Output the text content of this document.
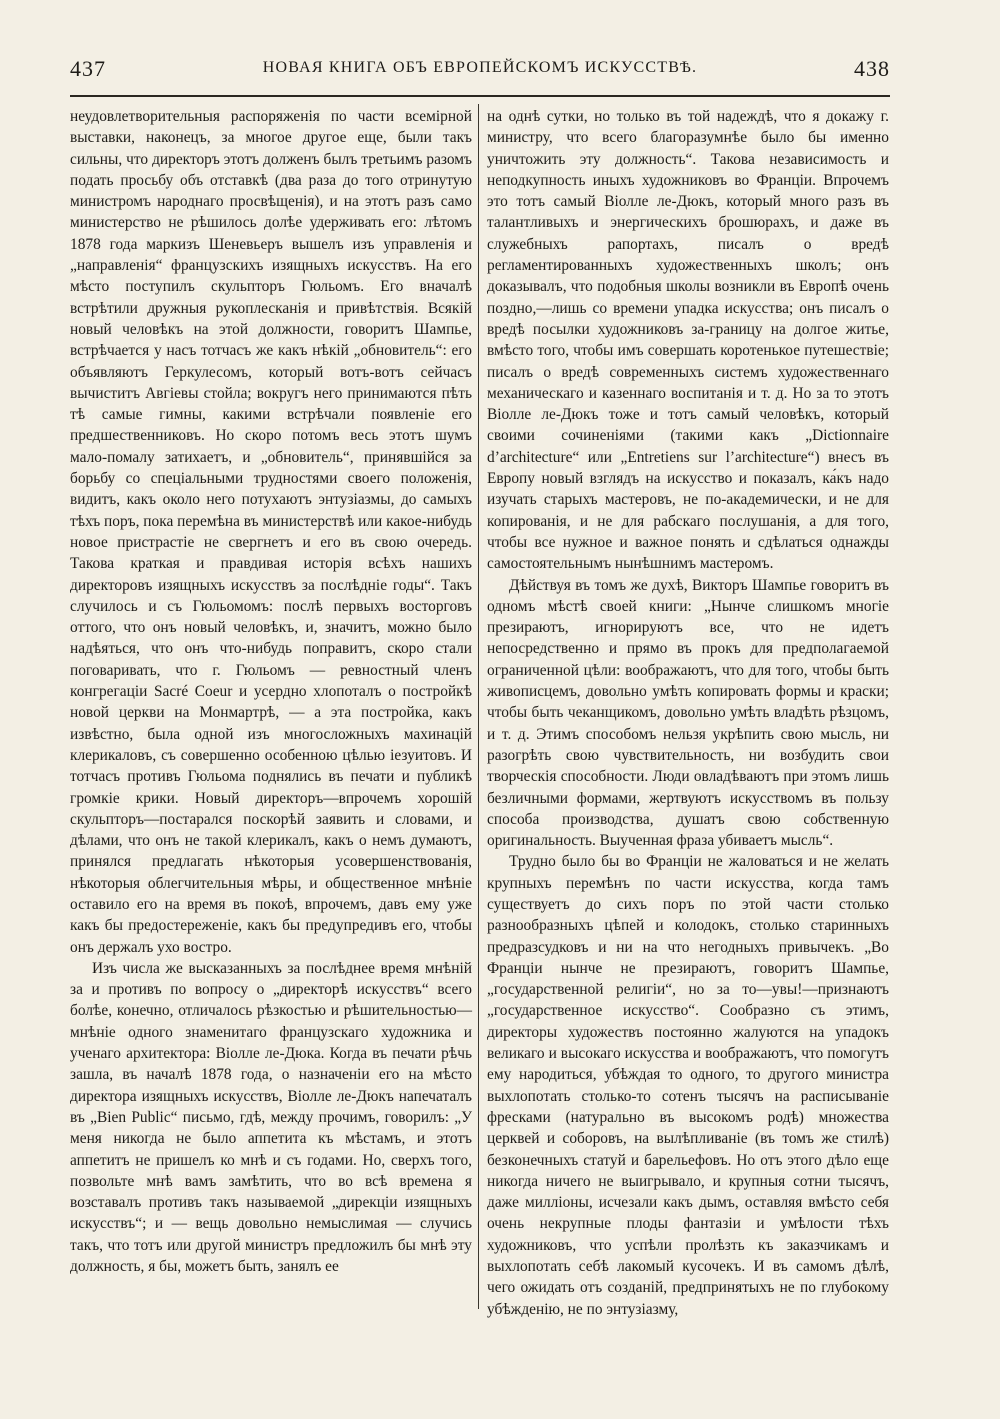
437	НОВАЯ КНИГА ОБЪ ЕВРОПЕЙСКОМЪ ИСКУССТВѢ.	438

неудовлетворительныя распоряженія по части всемірной выставки, наконецъ, за многое другое еще, были такъ сильны, что директоръ этотъ долженъ былъ третьимъ разомъ подать просьбу объ отставкѣ (два раза до того отринутую министромъ народнаго просвѣщенія), и на этотъ разъ само министерство не рѣшилось долѣе удерживать его: лѣтомъ 1878 года маркизъ Шеневьеръ вышелъ изъ управленія и „направленія“ французскихъ изящныхъ искусствъ. На его мѣсто поступилъ скульпторъ Гюльомъ. Его вначалѣ встрѣтили дружныя рукоплесканія и привѣтствія. Всякій новый человѣкъ на этой должности, говоритъ Шампье, встрѣчается у насъ тотчасъ же какъ нѣкій „обновитель“: его объявляютъ Геркулесомъ, который вотъ-вотъ сейчасъ вычиститъ Авгіевы стойла; вокругъ него принимаются пѣть тѣ самые гимны, какими встрѣчали появленіе его предшественниковъ. Но скоро потомъ весь этотъ шумъ мало-помалу затихаетъ, и „обновитель“, принявшійся за борьбу со спеціальными трудностями своего положенія, видитъ, какъ около него потухаютъ энтузіазмы, до самыхъ тѣхъ поръ, пока перемѣна въ министерствѣ или какое-нибудь новое пристрастіе не свергнетъ и его въ свою очередь. Такова краткая и правдивая исторія всѣхъ нашихъ директоровъ изящныхъ искусствъ за послѣдніе годы“. Такъ случилось и съ Гюльомомъ: послѣ первыхъ восторговъ оттого, что онъ новый человѣкъ, и, значитъ, можно было надѣяться, что онъ что-нибудь поправитъ, скоро стали поговаривать, что г. Гюльомъ — ревностный членъ конгрегаціи Sacré Coeur и усердно хлопоталъ о постройкѣ новой церкви на Монмартрѣ, — а эта постройка, какъ извѣстно, была одной изъ многосложныхъ махинацій клерикаловъ, съ совершенно особенною цѣлью іезуитовъ. И тотчасъ противъ Гюльома поднялись въ печати и публикѣ громкіе крики. Новый директоръ—впрочемъ хорошій скульпторъ—постарался поскорѣй заявить и словами, и дѣлами, что онъ не такой клерикалъ, какъ о немъ думаютъ, принялся предлагать нѣкоторыя усовершенствованія, нѣкоторыя облегчительныя мѣры, и общественное мнѣніе оставило его на время въ покоѣ, впрочемъ, давъ ему уже какъ бы предостереженіе, какъ бы предупредивъ его, чтобы онъ держалъ ухо востро.

Изъ числа же высказанныхъ за послѣднее время мнѣній за и противъ по вопросу о „директорѣ искусствъ“ всего болѣе, конечно, отличалось рѣзкостью и рѣшительностью—мнѣніе одного знаменитаго французскаго художника и ученаго архитектора: Віолле ле-Дюка. Когда въ печати рѣчь зашла, въ началѣ 1878 года, о назначеніи его на мѣсто директора изящныхъ искусствъ, Віолле ле-Дюкъ напечаталъ въ „Bien Public“ письмо, гдѣ, между прочимъ, говорилъ: „У меня никогда не было аппетита къ мѣстамъ, и этотъ аппетитъ не пришелъ ко мнѣ и съ годами. Но, сверхъ того, позвольте мнѣ вамъ замѣтить, что во всѣ времена я возставалъ противъ такъ называемой „дирекціи изящныхъ искусствъ“; и — вещь довольно немыслимая — случись такъ, что тотъ или другой министръ предложилъ бы мнѣ эту должность, я бы, можетъ быть, занялъ ее

на однѣ сутки, но только въ той надеждѣ, что я докажу г. министру, что всего благоразумнѣе было бы именно уничтожить эту должность“. Такова независимость и неподкупность иныхъ художниковъ во Франціи. Впрочемъ это тотъ самый Віолле ле-Дюкъ, который много разъ въ талантливыхъ и энергическихъ брошюрахъ, и даже въ служебныхъ рапортахъ, писалъ о вредѣ регламентированныхъ художественныхъ школъ; онъ доказывалъ, что подобныя школы возникли въ Европѣ очень поздно,—лишь со времени упадка искусства; онъ писалъ о вредѣ посылки художниковъ за-границу на долгое житье, вмѣсто того, чтобы имъ совершать коротенькое путешествіе; писалъ о вредѣ современныхъ системъ художественнаго механическаго и казеннаго воспитанія и т. д. Но за то этотъ Віолле ле-Дюкъ тоже и тотъ самый человѣкъ, который своими сочиненіями (такими какъ „Dictionnaire d’architecture“ или „Entretiens sur l’architecture“) внесъ въ Европу новый взглядъ на искусство и показалъ, ка́къ надо изучать старыхъ мастеровъ, не по-академически, и не для копированія, и не для рабскаго послушанія, а для того, чтобы все нужное и важное понять и сдѣлаться однажды самостоятельнымъ нынѣшнимъ мастеромъ.

Дѣйствуя въ томъ же духѣ, Викторъ Шампье говоритъ въ одномъ мѣстѣ своей книги: „Нынче слишкомъ многіе презираютъ, игнорируютъ все, что не идетъ непосредственно и прямо въ прокъ для предполагаемой ограниченной цѣли: воображаютъ, что для того, чтобы быть живописцемъ, довольно умѣть копировать формы и краски; чтобы быть чеканщикомъ, довольно умѣть владѣть рѣзцомъ, и т. д. Этимъ способомъ нельзя укрѣпить свою мысль, ни разогрѣть свою чувствительность, ни возбудить свои творческія способности. Люди овладѣваютъ при этомъ лишь безличными формами, жертвуютъ искусствомъ въ пользу способа производства, душатъ свою собственную оригинальность. Выученная фраза убиваетъ мысль“.

Трудно было бы во Франціи не жаловаться и не желать крупныхъ перемѣнъ по части искусства, когда тамъ существуетъ до сихъ поръ по этой части столько разнообразныхъ цѣпей и колодокъ, столько старинныхъ предразсудковъ и ни на что негодныхъ привычекъ. „Во Франціи нынче не презираютъ, говоритъ Шампье, „государственной религіи“, но за то—увы!—признаютъ „государственное искусство“. Сообразно съ этимъ, директоры художествъ постоянно жалуются на упадокъ великаго и высокаго искусства и воображаютъ, что помогутъ ему народиться, убѣждая то одного, то другого министра выхлопотать столько-то сотенъ тысячъ на расписываніе фресками (натурально въ высокомъ родѣ) множества церквей и соборовъ, на вылѣпливаніе (въ томъ же стилѣ) безконечныхъ статуй и барельефовъ. Но отъ этого дѣло еще никогда ничего не выигрывало, и крупныя сотни тысячъ, даже милліоны, исчезали какъ дымъ, оставляя вмѣсто себя очень некрупные плоды фантазіи и умѣлости тѣхъ художниковъ, что успѣли пролѣзть къ заказчикамъ и выхлопотать себѣ лакомый кусочекъ. И въ самомъ дѣлѣ, чего ожидать отъ созданій, предпринятыхъ не по глубокому убѣжденію, не по энтузіазму,
